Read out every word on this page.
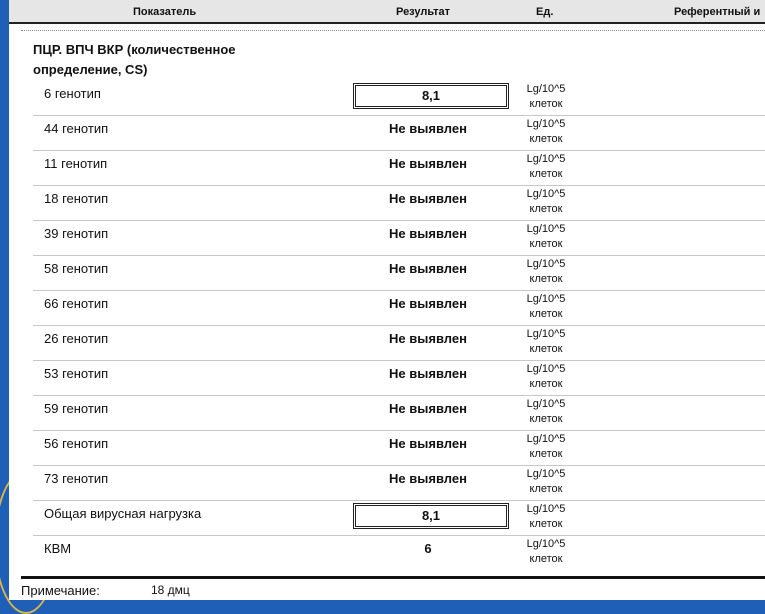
Показатель	Результат	Ед.	Референтный и
ПЦР. ВПЧ ВКР (количественное
определение, CS)
6 генотип	8,1	Lg/10^5
клеток
44 генотип	Не выявлен	Lg/10^5
клеток
11 генотип	Не выявлен	Lg/10^5
клеток
18 генотип	Не выявлен	Lg/10^5
клеток
39 генотип	Не выявлен	Lg/10^5
клеток
58 генотип	Не выявлен	Lg/10^5
клеток
66 генотип	Не выявлен	Lg/10^5
клеток
26 генотип	Не выявлен	Lg/10^5
клеток
53 генотип	Не выявлен	Lg/10^5
клеток
59 генотип	Не выявлен	Lg/10^5
клеток
56 генотип	Не выявлен	Lg/10^5
клеток
73 генотип	Не выявлен	Lg/10^5
клеток
Общая вирусная нагрузка	8,1	Lg/10^5
клеток
КВМ	6	Lg/10^5
клеток
Примечание:	18 дмц
